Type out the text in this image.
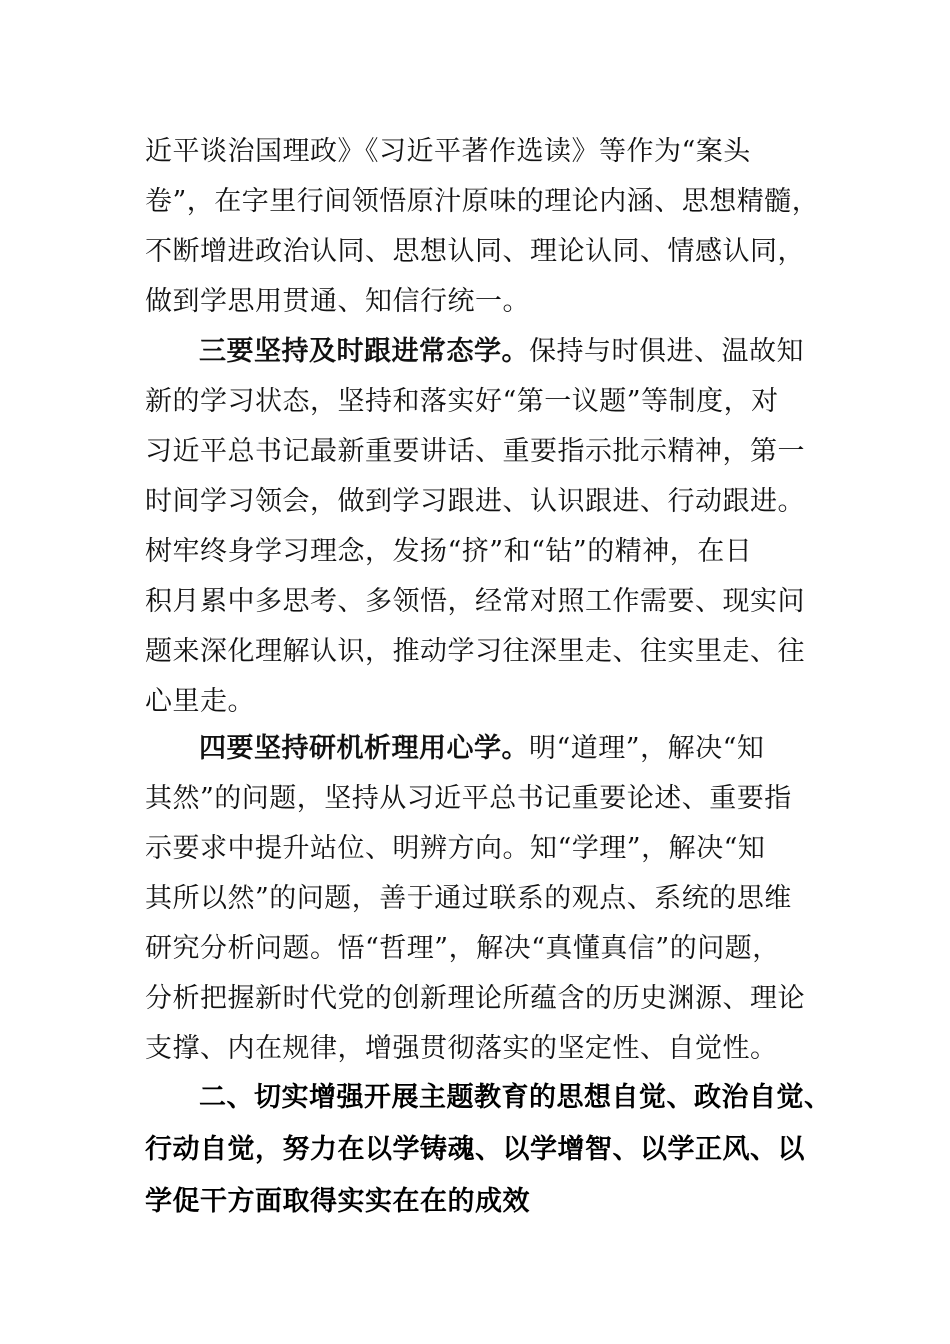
近平谈治国理政》《习近平著作选读》等作为“案头
卷”，在字里行间领悟原汁原味的理论内涵、思想精髓，
不断增进政治认同、思想认同、理论认同、情感认同，
做到学思用贯通、知信行统一。
三要坚持及时跟进常态学。保持与时俱进、温故知
新的学习状态，坚持和落实好“第一议题”等制度，对
习近平总书记最新重要讲话、重要指示批示精神，第一
时间学习领会，做到学习跟进、认识跟进、行动跟进。
树牢终身学习理念，发扬“挤”和“钻”的精神，在日
积月累中多思考、多领悟，经常对照工作需要、现实问
题来深化理解认识，推动学习往深里走、往实里走、往
心里走。
四要坚持研机析理用心学。明“道理”，解决“知
其然”的问题，坚持从习近平总书记重要论述、重要指
示要求中提升站位、明辨方向。知“学理”，解决“知
其所以然”的问题，善于通过联系的观点、系统的思维
研究分析问题。悟“哲理”，解决“真懂真信”的问题，
分析把握新时代党的创新理论所蕴含的历史渊源、理论
支撑、内在规律，增强贯彻落实的坚定性、自觉性。
二、切实增强开展主题教育的思想自觉、政治自觉、
行动自觉，努力在以学铸魂、以学增智、以学正风、以
学促干方面取得实实在在的成效
